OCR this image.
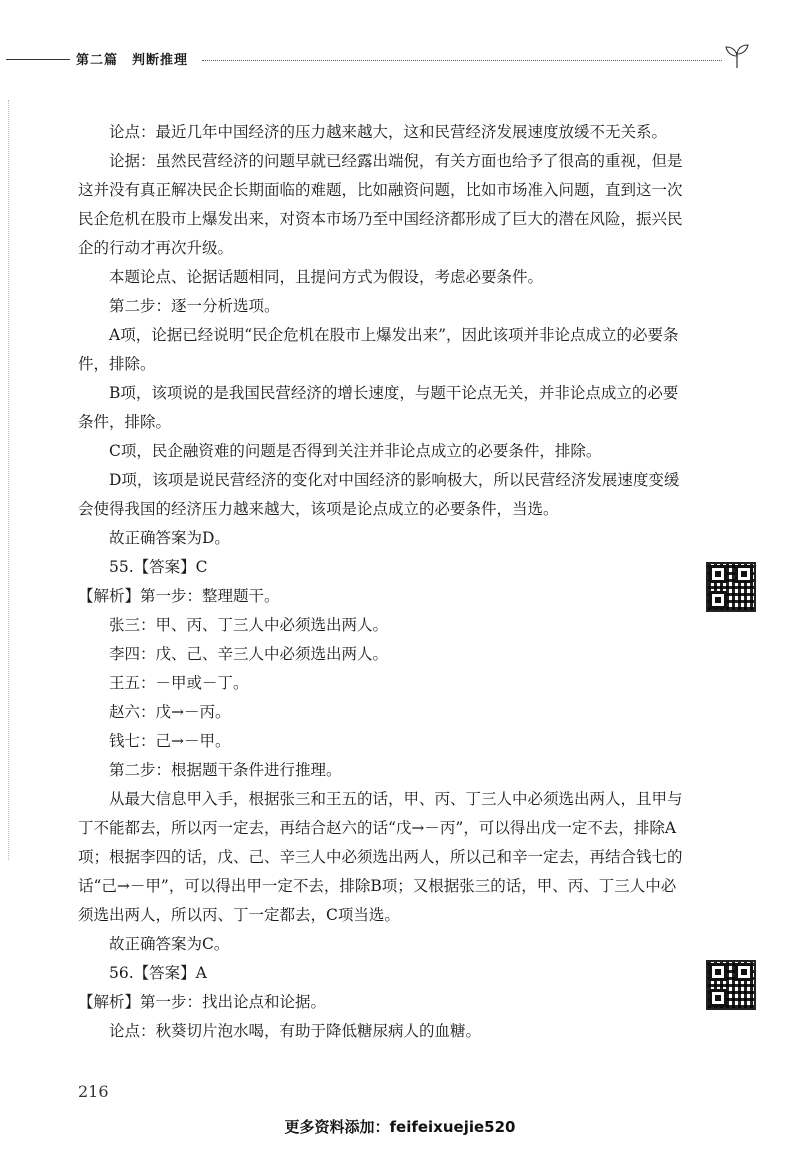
第二篇 判断推理

论点：最近几年中国经济的压力越来越大，这和民营经济发展速度放缓不无关系。

论据：虽然民营经济的问题早就已经露出端倪，有关方面也给予了很高的重视，但是这并没有真正解决民企长期面临的难题，比如融资问题，比如市场准入问题，直到这一次民企危机在股市上爆发出来，对资本市场乃至中国经济都形成了巨大的潜在风险，振兴民企的行动才再次升级。

本题论点、论据话题相同，且提问方式为假设，考虑必要条件。

第二步：逐一分析选项。

A项，论据已经说明“民企危机在股市上爆发出来”，因此该项并非论点成立的必要条件，排除。

B项，该项说的是我国民营经济的增长速度，与题干论点无关，并非论点成立的必要条件，排除。

C项，民企融资难的问题是否得到关注并非论点成立的必要条件，排除。

D项，该项是说民营经济的变化对中国经济的影响极大，所以民营经济发展速度变缓会使得我国的经济压力越来越大，该项是论点成立的必要条件，当选。

故正确答案为D。

55.【答案】C

【解析】第一步：整理题干。

张三：甲、丙、丁三人中必须选出两人。

李四：戊、己、辛三人中必须选出两人。

王五：－甲或－丁。

赵六：戊→－丙。

钱七：己→－甲。

第二步：根据题干条件进行推理。

从最大信息甲入手，根据张三和王五的话，甲、丙、丁三人中必须选出两人，且甲与丁不能都去，所以丙一定去，再结合赵六的话“戊→－丙”，可以得出戊一定不去，排除A项；根据李四的话，戊、己、辛三人中必须选出两人，所以己和辛一定去，再结合钱七的话“己→－甲”，可以得出甲一定不去，排除B项；又根据张三的话，甲、丙、丁三人中必须选出两人，所以丙、丁一定都去，C项当选。

故正确答案为C。

56.【答案】A

【解析】第一步：找出论点和论据。

论点：秋葵切片泡水喝，有助于降低糖尿病人的血糖。

216
更多资料添加：feifeixuejie520
